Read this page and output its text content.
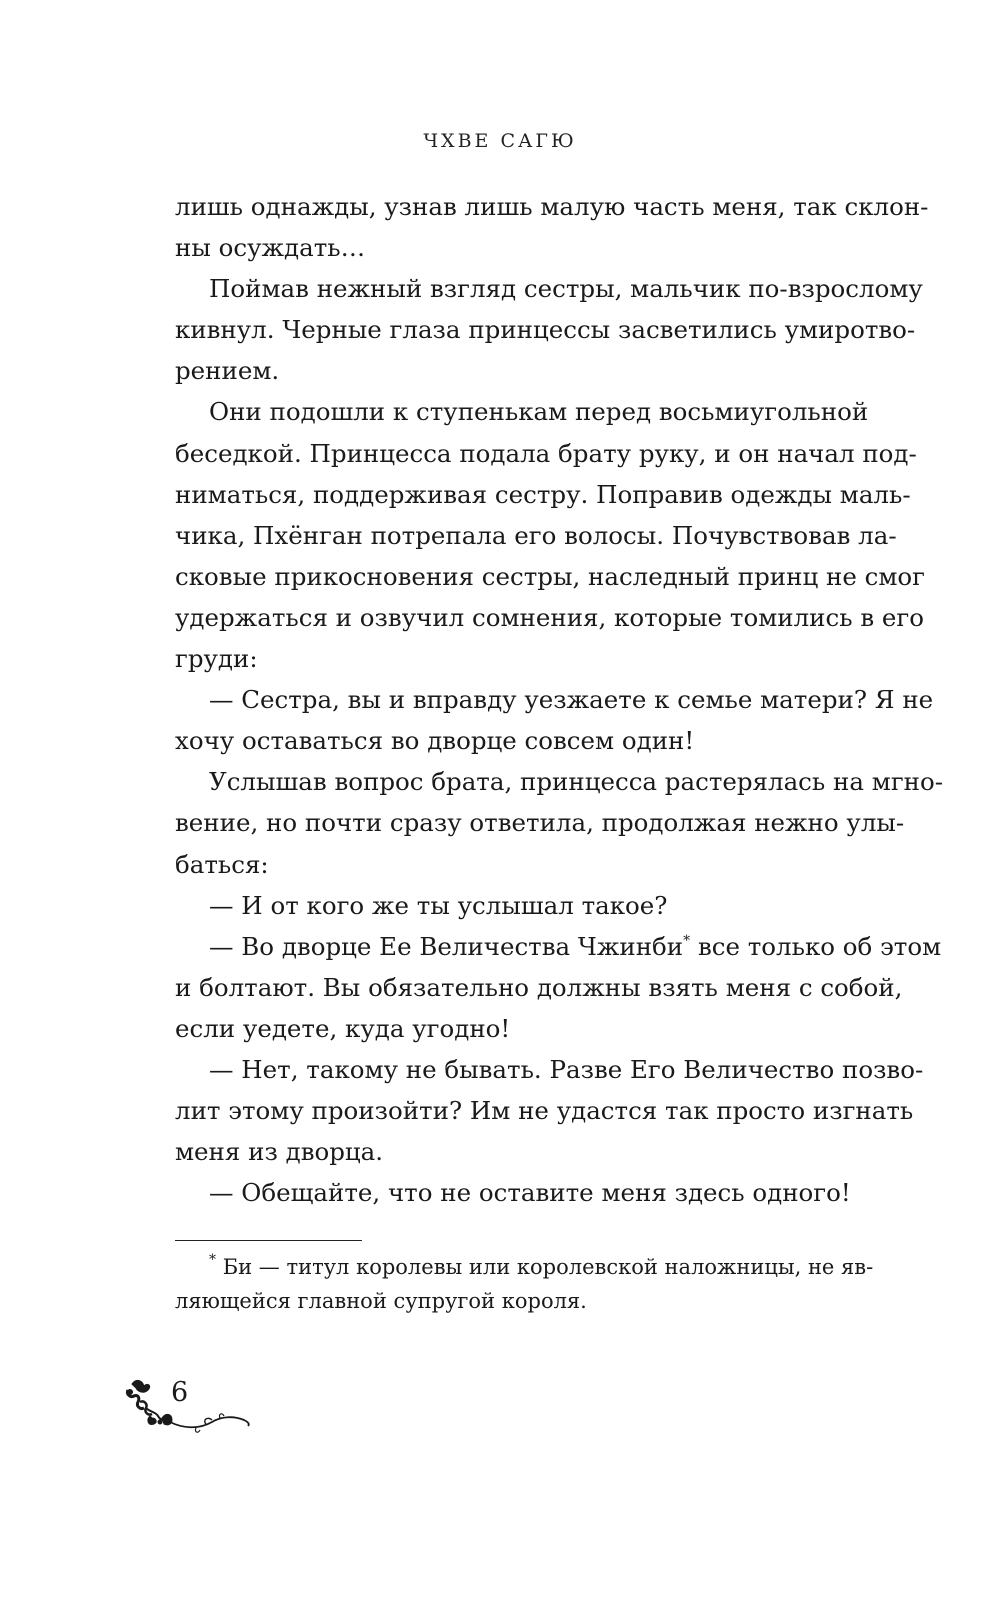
ЧХВЕ САГЮ
лишь однажды, узнав лишь малую часть меня, так склон-
ны осуждать…
Поймав нежный взгляд сестры, мальчик по-взрослому
кивнул. Черные глаза принцессы засветились умиротво-
рением.
Они подошли к ступенькам перед восьмиугольной
беседкой. Принцесса подала брату руку, и он начал под-
ниматься, поддерживая сестру. Поправив одежды маль-
чика, Пхёнган потрепала его волосы. Почувствовав ла-
сковые прикосновения сестры, наследный принц не смог
удержаться и озвучил сомнения, которые томились в его
груди:
— Сестра, вы и вправду уезжаете к семье матери? Я не
хочу оставаться во дворце совсем один!
Услышав вопрос брата, принцесса растерялась на мгно-
вение, но почти сразу ответила, продолжая нежно улы-
баться:
— И от кого же ты услышал такое?
— Во дворце Ее Величества Чжинби* все только об этом
и болтают. Вы обязательно должны взять меня с собой,
если уедете, куда угодно!
— Нет, такому не бывать. Разве Его Величество позво-
лит этому произойти? Им не удастся так просто изгнать
меня из дворца.
— Обещайте, что не оставите меня здесь одного!
* Би — титул королевы или королевской наложницы, не яв-
ляющейся главной супругой короля.
6
